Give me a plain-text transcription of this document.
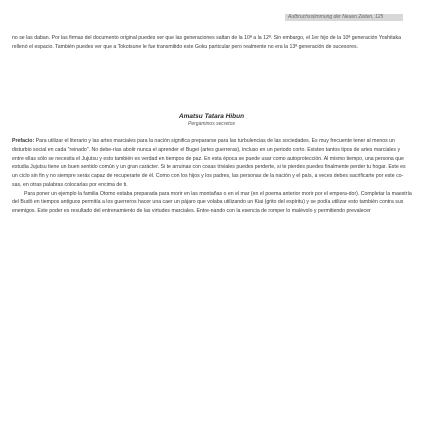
Aufbruchsstimmung der Neuen Zeiten, 125
no se las daban. Por las firmas del documento original puedes ver que las generaciones saltan de la 10ª a la 12ª. Sin embargo, el 1er hijo de la 10ª generación Yoshitaka rellenó el espacio. También puedes ver que a Tokotsune le fue transmitido este Goku particular pero realmente no era la 13ª generación de sucesores.
Amatsu Tatara Hibun
Pergaminos secretos

Prefacio: Para utilizar el literario y las artes marciales para la nación significa prepararse para las turbulencias de las sociedades. Es muy frecuente tener al menos un disturbio social en cada "reinado". No debe-rías abolir nunca el aprender el Bugei (artes guerreras), incluso en un periodo corto. Existen tantos tipos de artes marciales y entre ellas sólo se necesita el Jujutsu y esto también es verdad en tiempos de paz. En esta época se puede usar como autoprotección. Al mismo tiempo, una persona que estudia Jujutsu tiene un buen sentido común y un gran carácter. Si te arruinas con cosas triviales puedes perderte, si te pierdes puedes finalmente perder tu hogar. Este es un ciclo sin fin y no siempre serás capaz de recuperarte de él. Como con los hijos y los padres, las personas de la nación y el país, a veces debes sacrificarte por este co-sas, en otras palabras colocarlas por encima de ti.

Para poner un ejemplo la familia Otomo estaba preparada para morir en las montañas o en el mar (en el poema anterior morir por el empera-dor). Completar la maestría del Budō en tiempos antiguos permitía a los guerreros hacer una caer un pájaro que volaba utilizando un Kiai (grito del espíritu) y se podía utilizar esto también contra sus enemigos. Este poder es resultado del entrenamiento de las virtudes marciales. Entre-nando con la esencia de romper lo malévolo y permitiendo prevalecer
